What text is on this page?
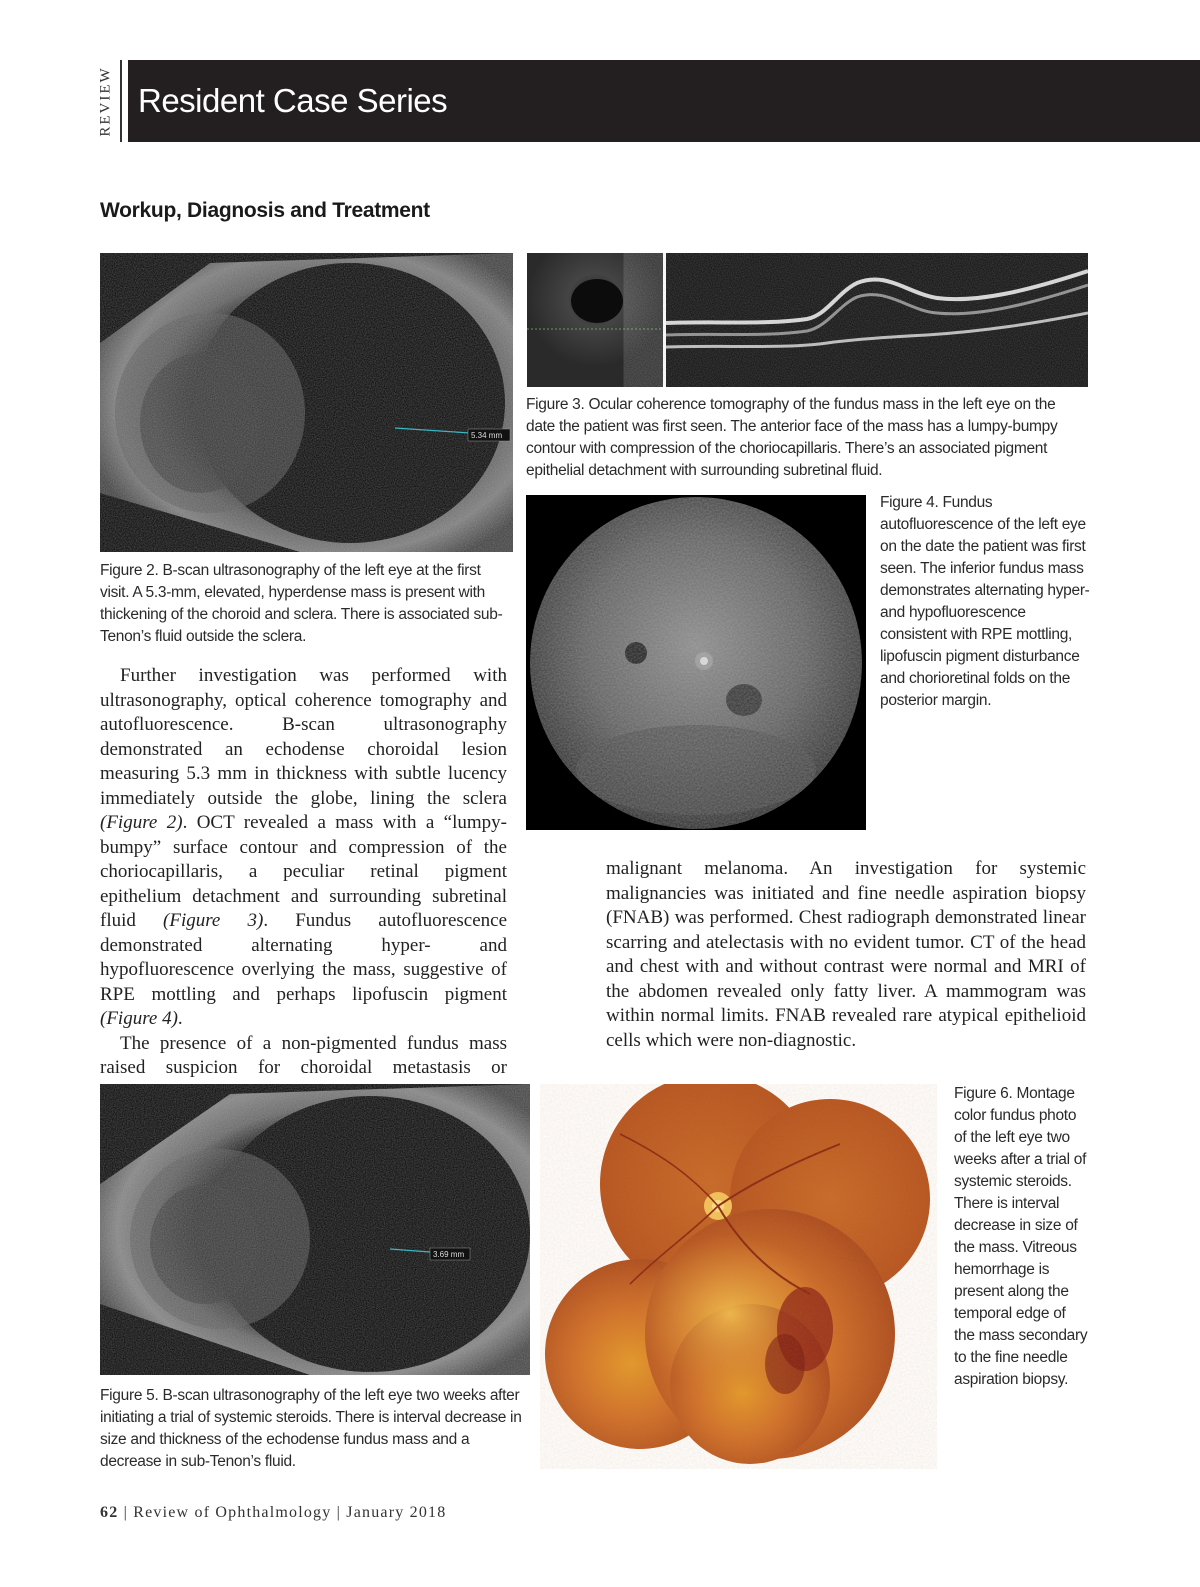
REVIEW Resident Case Series
Workup, Diagnosis and Treatment
5.34 mm
Figure 2. B-scan ultrasonography of the left eye at the first visit. A 5.3-mm, elevated, hyperdense mass is present with thickening of the choroid and sclera. There is associated sub-Tenon’s fluid outside the sclera.
Figure 3. Ocular coherence tomography of the fundus mass in the left eye on the date the patient was first seen. The anterior face of the mass has a lumpy-bumpy contour with compression of the choriocapillaris. There’s an associated pigment epithelial detachment with surrounding subretinal fluid.
Figure 4. Fundus autofluorescence of the left eye on the date the patient was first seen. The inferior fundus mass demonstrates alternating hyper- and hypofluorescence consistent with RPE mottling, lipofuscin pigment disturbance and chorioretinal folds on the posterior margin.

Further investigation was performed with ultrasonography, optical coherence tomography and autofluorescence. B-scan ultrasonography demonstrated an echodense choroidal lesion measuring 5.3 mm in thickness with subtle lucency immediately outside the globe, lining the sclera (Figure 2). OCT revealed a mass with a “lumpy-bumpy” surface contour and compression of the choriocapillaris, a peculiar retinal pigment epithelium detachment and surrounding subretinal fluid (Figure 3). Fundus autofluorescence demonstrated alternating hyper- and hypofluorescence overlying the mass, suggestive of RPE mottling and perhaps lipofuscin pigment (Figure 4).

The presence of a non-pigmented fundus mass raised suspicion for choroidal metastasis or

malignant melanoma. An investigation for systemic malignancies was initiated and fine needle aspiration biopsy (FNAB) was performed. Chest radiograph demonstrated linear scarring and atelectasis with no evident tumor. CT of the head and chest with and without contrast were normal and MRI of the abdomen revealed only fatty liver. A mammogram was within normal limits. FNAB revealed rare atypical epithelioid cells which were non-diagnostic.

3.69 mm
Figure 5. B-scan ultrasonography of the left eye two weeks after initiating a trial of systemic steroids. There is interval decrease in size and thickness of the echodense fundus mass and a decrease in sub-Tenon’s fluid.
Figure 6. Montage color fundus photo of the left eye two weeks after a trial of systemic steroids. There is interval decrease in size of the mass. Vitreous hemorrhage is present along the temporal edge of the mass secondary to the fine needle aspiration biopsy.
62 | Review of Ophthalmology | January 2018
